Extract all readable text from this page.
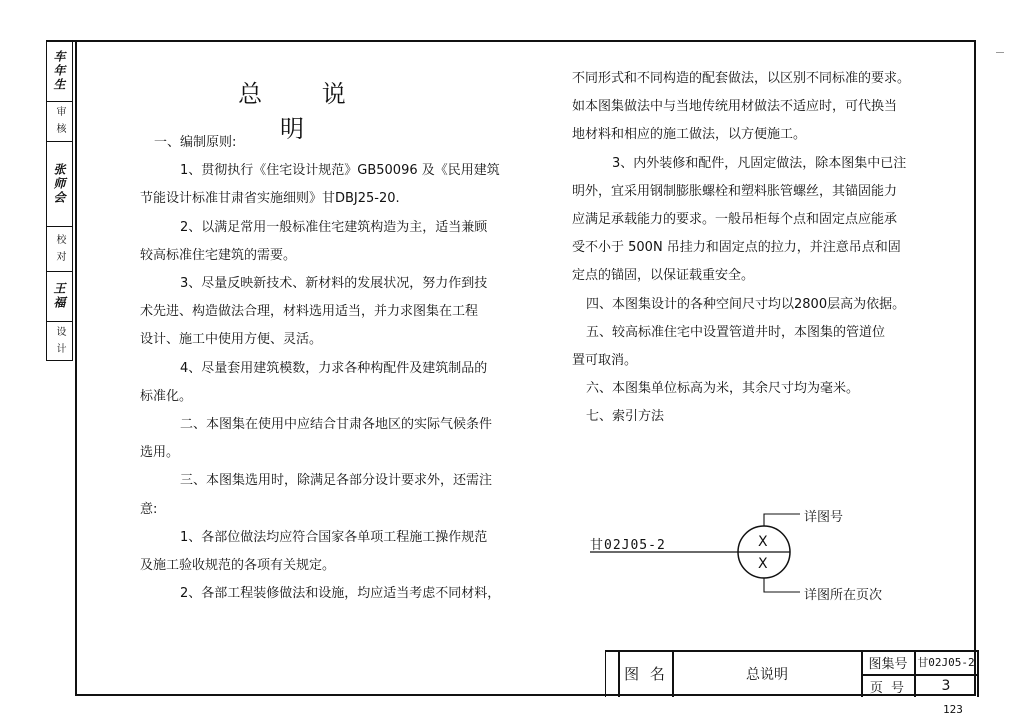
车年生
审 核
张师会
校 对
王福
设 计
总 说 明

一、编制原则:

1、贯彻执行《住宅设计规范》GB50096 及《民用建筑

节能设计标准甘肃省实施细则》甘DBJ25-20.

2、以满足常用一般标准住宅建筑构造为主，适当兼顾

较高标准住宅建筑的需要。

3、尽量反映新技术、新材料的发展状况，努力作到技

术先进、构造做法合理，材料选用适当，并力求图集在工程

设计、施工中使用方便、灵活。

4、尽量套用建筑模数，力求各种构配件及建筑制品的

标准化。

二、本图集在使用中应结合甘肃各地区的实际气候条件

选用。

三、本图集选用时，除满足各部分设计要求外，还需注

意:

1、各部位做法均应符合国家各单项工程施工操作规范

及施工验收规范的各项有关规定。

2、各部工程装修做法和设施，均应适当考虑不同材料，

不同形式和不同构造的配套做法，以区别不同标准的要求。

如本图集做法中与当地传统用材做法不适应时，可代换当

地材料和相应的施工做法，以方便施工。

3、内外装修和配件，凡固定做法，除本图集中已注

明外，宜采用钢制膨胀螺栓和塑料胀管螺丝，其锚固能力

应满足承载能力的要求。一般吊柜每个点和固定点应能承

受不小于 500N 吊挂力和固定点的拉力，并注意吊点和固

定点的锚固，以保证载重安全。

四、本图集设计的各种空间尺寸均以2800层高为依据。

五、较高标准住宅中设置管道井时，本图集的管道位

置可取消。

六、本图集单位标高为米，其余尺寸均为毫米。

七、索引方法

甘02J05-2	X
X
详图号
详图所在页次
图 名	总说明
图集号 甘02J05-2
页 号	3
123
